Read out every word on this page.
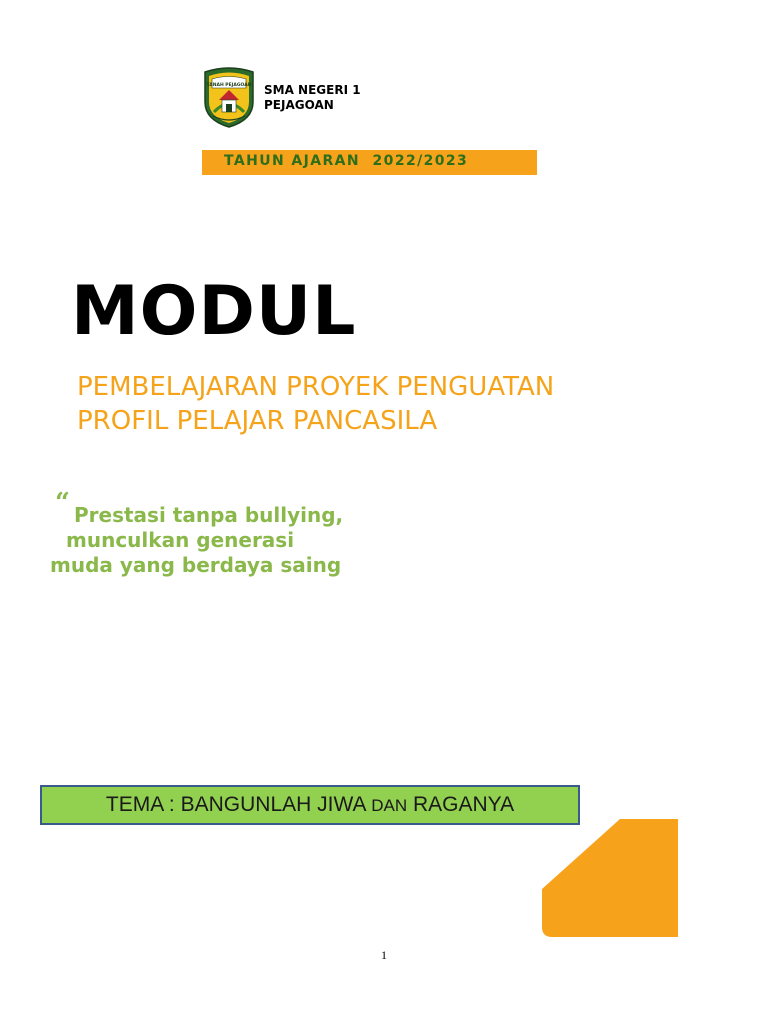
TANAH PEJAGOAN SMA NEGERI 1
PEJAGOAN
TAHUN AJARAN  2022/2023
MODUL
PEMBELAJARAN PROYEK PENGUATAN
PROFIL PELAJAR PANCASILA
“ Prestasi tanpa bullying,
munculkan generasi
muda yang berdaya saing
TEMA : BANGUNLAH JIWA DAN RAGANYA
1
